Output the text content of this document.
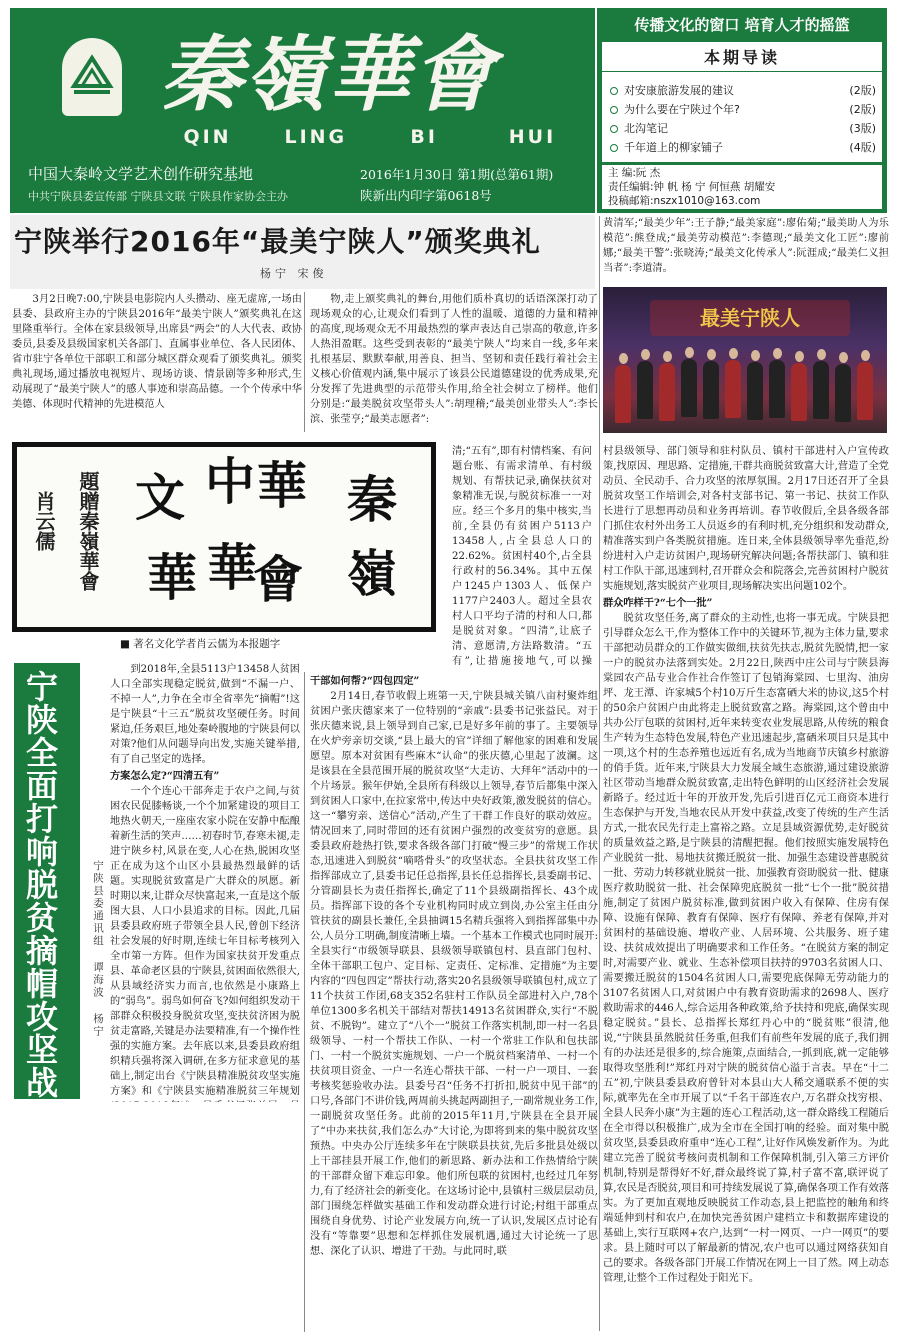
秦嶺華會
QIN	LING	BI	HUI
中国大秦岭文学艺术创作研究基地
中共宁陕县委宣传部 宁陕县文联 宁陕县作家协会主办
2016年1月30日 第1期(总第61期)
陕新出内印字第0618号
传播文化的窗口 培育人才的摇篮
本期导读
对安康旅游发展的建议	(2版)
为什么要在宁陕过个年?	(2版)
北沟笔记	(3版)
千年道上的柳家铺子	(4版)
主 编:阮 杰
责任编辑:钟 帆 杨 宁 何恒燕 胡耀安
投稿邮箱:nszx1010@163.com
宁陕举行2016年“最美宁陕人”颁奖典礼
杨宁 宋俊

3月2日晚7:00,宁陕县电影院内人头攒动、座无虚席,一场由县委、县政府主办的宁陕县2016年“最美宁陕人”颁奖典礼在这里隆重举行。全体在家县级领导,出席县“两会”的人大代表、政协委员,县委及县级国家机关各部门、直属事业单位、各人民团体、省市驻宁各单位干部职工和部分城区群众观看了颁奖典礼。颁奖典礼现场,通过播放电视短片、现场访谈、情景剧等多种形式,生动展现了“最美宁陕人”的感人事迹和崇高品德。一个个传承中华美德、体现时代精神的先进模范人

物,走上颁奖典礼的舞台,用他们质朴真切的话语深深打动了现场观众的心,让观众们看到了人性的温暖、道德的力量和精神的高度,现场观众无不用最热烈的掌声表达自己崇高的敬意,许多人热泪盈眶。这些受到表彰的“最美宁陕人”均来自一线,多年来扎根基层、默默奉献,用善良、担当、坚韧和责任践行着社会主义核心价值观内涵,集中展示了该县公民道德建设的优秀成果,充分发挥了先进典型的示范带头作用,给全社会树立了榜样。他们分别是:“最美脱贫攻坚带头人”:胡理稽;“最美创业带头人”:李长滨、张莹亨;“最美志愿者”:

黄清军;“最美少年”:王子静;“最美家庭”:廖佑菊;“最美助人为乐模范”:熊登成;“最美劳动模范”:李德现;“最美文化工匠”:廖前娜;“最美干警”:张晓涛;“最美文化传承人”:阮涯成;“最美仁义担当者”:李道清。

最美宁陕人
秦
嶺
華
會
中
華
文
華
題贈秦嶺華會
肖云儒
■ 著名文化学者肖云儒为本报题字
宁陕全面打响脱贫摘帽攻坚战	宁陕县委通讯组 谭海波 杨宁

到2018年,全县5113户13458人贫困人口全部实现稳定脱贫,做到“不漏一户、不掉一人”,力争在全市全省率先“摘帽”!这是宁陕县“十三五”脱贫攻坚硬任务。时间紧迫,任务艰巨,地处秦岭腹地的宁陕县何以对策?他们从问题导向出发,实施关键举措,有了自己坚定的选择。

方案怎么定?“四清五有”

一个个连心干部奔走于农户之间,与贫困农民促膝畅谈,一个个加紧建设的项目工地热火朝天,一座座农家小院在安静中酝酿着新生活的笑声……初春时节,春寒未褪,走进宁陕乡村,风景在变,人心在热,脱困攻坚正在成为这个山区小县最热烈最鲜的话题。实现脱贫致富是广大群众的夙愿。新时期以来,让群众尽快富起来,一直是这个版图大县、人口小县追求的目标。因此,几届县委县政府班子带领全县人民,曾创下经济社会发展的好时期,连续七年目标考核列入全市第一方阵。但作为国家扶贫开发重点县、革命老区县的宁陕县,贫困面依然很大,从县域经济实力而言,也依然是小康路上的“弱鸟”。弱鸟如何奋飞?如何组织发动干部群众积极投身脱贫攻坚,变扶贫济困为脱贫走富路,关键是办法要精准,有一个操作性强的实施方案。去年底以来,县委县政府组织精兵强将深入调研,在多方征求意见的基础上,制定出台《宁陕县精准脱贫攻坚实施方案》和《宁陕县实施精准脱贫三年规划

清;“五有”,即有村情档案、有问题台账、有需求清单、有村级规划、有帮扶记录,确保扶贫对象精准无误,与脱贫标准一一对应。经三个多月的集中核实,当前,全县仍有贫困户5113户13458人,占全县总人口的22.62%。贫困村40个,占全县行政村的56.34%。其中五保户1245户1303人、低保户1177户2403人。超过全县农村人口平均子清的村和人口,都是脱贫对象。“四清”,让底子清、意愿清,方法路数清。“五有”,让措施接地气,可以操

干部如何帮?“四包四定”

2月14日,春节收假上班第一天,宁陕县城关镇八亩村聚炸组贫困户张庆德家来了一位特别的“亲戚”:县委书记张益民。对于张庆德来说,县上领导到自己家,已是好多年前的事了。主要领导在火炉旁亲切交谈,“县上最大的官”详细了解他家的困难和发展愿望。原本对贫困有些麻木“认命”的张庆德,心里起了波澜。这是该县在全县范围开展的脱贫攻坚“大走访、大拜年”活动中的一个片场景。猴年伊始,全县所有科级以上领导,春节后都集中深入到贫困人口家中,在拉家常中,传达中央好政策,激发脱贫的信心。这一“攀穷亲、送信心”活动,产生了干群工作良好的联动效应。情况回来了,同时带回的还有贫困户强烈的改变贫穷的意愿。县委县政府趁热打铁,要求各级各部门打破“慢三步”的常规工作状态,迅速进入到脱贫“嘀嗒骨头”的攻坚状态。全县扶贫攻坚工作指挥部成立了,县委书记任总指挥,县长任总指挥长,县委副书记、分管副县长为责任指挥长,确定了11个县级副指挥长、43个成员。指挥部下设的各个专业机构同时成立到岗,办公室主任由分管扶贫的副县长兼任,全县抽调15名精兵强将入到指挥部集中办公,人员分工明确,制度清晰上墙。一个基本工作模式也同时展开:全县实行“市级领导联县、县级领导联镇包村、县直部门包村、全体干部职工包户、定目标、定责任、定标准、定措施”为主要内容的“四包四定”帮扶行动,落实20名县级领导联镇包村,成立了11个扶贫工作团,68支352名驻村工作队员全部进村入户,78个单位1300多名机关干部结对帮扶14913名贫困群众,实行“不脱贫、不脱钩”。建立了“八个一”脱贫工作落实机制,即一村一名县级领导、一村一个帮扶工作队、一村一个常驻工作队和包扶部门、一村一个脱贫实施规划、一户一个脱贫档案清单、一村一个扶贫项目资金、一户一名连心帮扶干部、一村一户一项目、一套考核奖惩验收办法。县委号召“任务不打折扣,脱贫中见干部”的口号,各部门不讲价钱,两周前头挑起两副担子,一副常规业务工作,一副脱贫攻坚任务。此前的2015年11月,宁陕县在全县开展了“中办来扶贫,我们怎么办”大讨论,为即将到来的集中脱贫攻坚预热。中央办公厅连续多年在宁陕联县扶贫,先后多批县处级以上干部挂县开展工作,他们的新思路、新办法和工作热情给宁陕的干部群众留下难忘印象。他们所包联的贫困村,也经过几年努力,有了经济社会的新变化。在这场讨论中,县镇村三级层层动员,部门围绕怎样做实基础工作和发动群众进行讨论;村组干部重点围绕自身优势、讨论产业发展方向,统一了认识,发展区点讨论有没有“等靠要”思想和怎样抓住发展机遇,通过大讨论统一了思想、深化了认识、增进了干劲。与此同时,联

村县级领导、部门领导和驻村队员、镇村干部进村入户宣传政策,找原因、理思路、定措施,干群共商脱贫致富大计,营造了全党动员、全民动手、合力攻坚的浓厚氛围。2月17日还召开了全县脱贫攻坚工作培训会,对各村支部书记、第一书记、扶贫工作队长进行了思想再动员和业务再培训。春节收假后,全县各级各部门抓住农村外出务工人员返乡的有利时机,充分组织和发动群众,精准落实到户各类脱贫措施。连日来,全体县级领导率先垂范,纷纷进村入户走访贫困户,现场研究解决问题;各帮扶部门、镇和驻村工作队干部,迅速到村,召开群众会和院落会,完善贫困村户脱贫实施规划,落实脱贫产业项目,现场解决实出问题102个。

群众咋样干?“七个一批”

脱贫攻坚任务,离了群众的主动性,也将一事无成。宁陕县把引导群众怎么干,作为整体工作中的关键环节,视为主体力量,要求干部把动员群众的工作做实做细,扶贫先扶志,脱贫先脱情,把一家一户的脱贫办法落到实处。2月22日,陕西中庄公司与宁陕县海棠园农产品专业合作社合作签订了包销海棠园、七里沟、油房坪、龙王潭、许家城5个村10万斤生态富硒大米的协议,这5个村的50余户贫困户由此将走上脱贫致富之路。海棠园,这个曾由中共办公厅包联的贫困村,近年来转变农业发展思路,从传统的粮食生产转为生态特色发展,特色产业迅速起步,富硒米项目只是其中一项,这个村的生态养殖也远近有名,成为当地商节庆镇乡村旅游的俏手货。近年来,宁陕县大力发展全域生态旅游,通过建设旅游社区带动当地群众脱贫致富,走出特色鲜明的山区经济社会发展新路子。经过近十年的开放开发,先后引进百亿元工商资本进行生态保护与开发,当地农民从开发中获益,改变了传统的生产生活方式,一批农民先行走上富裕之路。立足县域资源优势,走好脱贫的质量效益之路,是宁陕县的清醒把握。他们按照实施发展特色产业脱贫一批、易地扶贫搬迁脱贫一批、加强生态建设普惠脱贫一批、劳动力转移就业脱贫一批、加强教育资助脱贫一批、健康医疗救助脱贫一批、社会保障兜底脱贫一批“七个一批”脱贫措施,制定了贫困户脱贫标准,做到贫困户收入有保障、住房有保障、设施有保障、教育有保障、医疗有保障、养老有保障,并对贫困村的基础设施、增收产业、人居环境、公共服务、班子建设、扶贫成效提出了明确要求和工作任务。“在脱贫方案的制定时,对需要产业、就业、生态补偿项目扶持的9703名贫困人口、需要搬迁脱贫的1504名贫困人口,需要兜底保障无劳动能力的3107名贫困人口,对贫困户中有教育资助需求的2698人、医疗救助需求的446人,综合运用各种政策,给予扶持和兜底,确保实现稳定脱贫。”县长、总指挥长郑红丹心中的“脱贫账”很清,他说,“宁陕县虽然脱贫任务重,但我们有前些年发展的底子,我们拥有的办法还是很多的,综合施策,点面结合,一抓到底,就一定能够取得攻坚胜利!”郑红丹对宁陕的脱贫信心溢于言表。早在“十二五”初,宁陕县委县政府曾针对本县山大人稀交通联系不便的实际,就率先在全市开展了以“千名干部连农户,万名群众找穷根、全县人民奔小康”为主题的连心工程活动,这一群众路线工程随后在全市得以积极推广,成为全市在全国打响的经验。面对集中脱贫攻坚,县委县政府重申“连心工程”,让好作风焕发新作为。为此建立完善了脱贫考核问责机制和工作保障机制,引入第三方评价机制,特别是帮得好不好,群众最终说了算,村子富不富,联评说了算,农民是否脱贫,项目和可持续发展说了算,确保各项工作有效落实。为了更加直观地反映脱贫工作动态,县上把监控的触角和终端延伸到村和农户,在加快完善贫困户建档立卡和数据库建设的基础上,实行互联网+农户,达到“一村一网页、一户一网页”的要求。县上随时可以了解最新的情况,农户也可以通过网络获知自己的要求。各级各部门开展工作情况在网上一目了然。网上动态管理,让整个工作过程处于阳光下。
